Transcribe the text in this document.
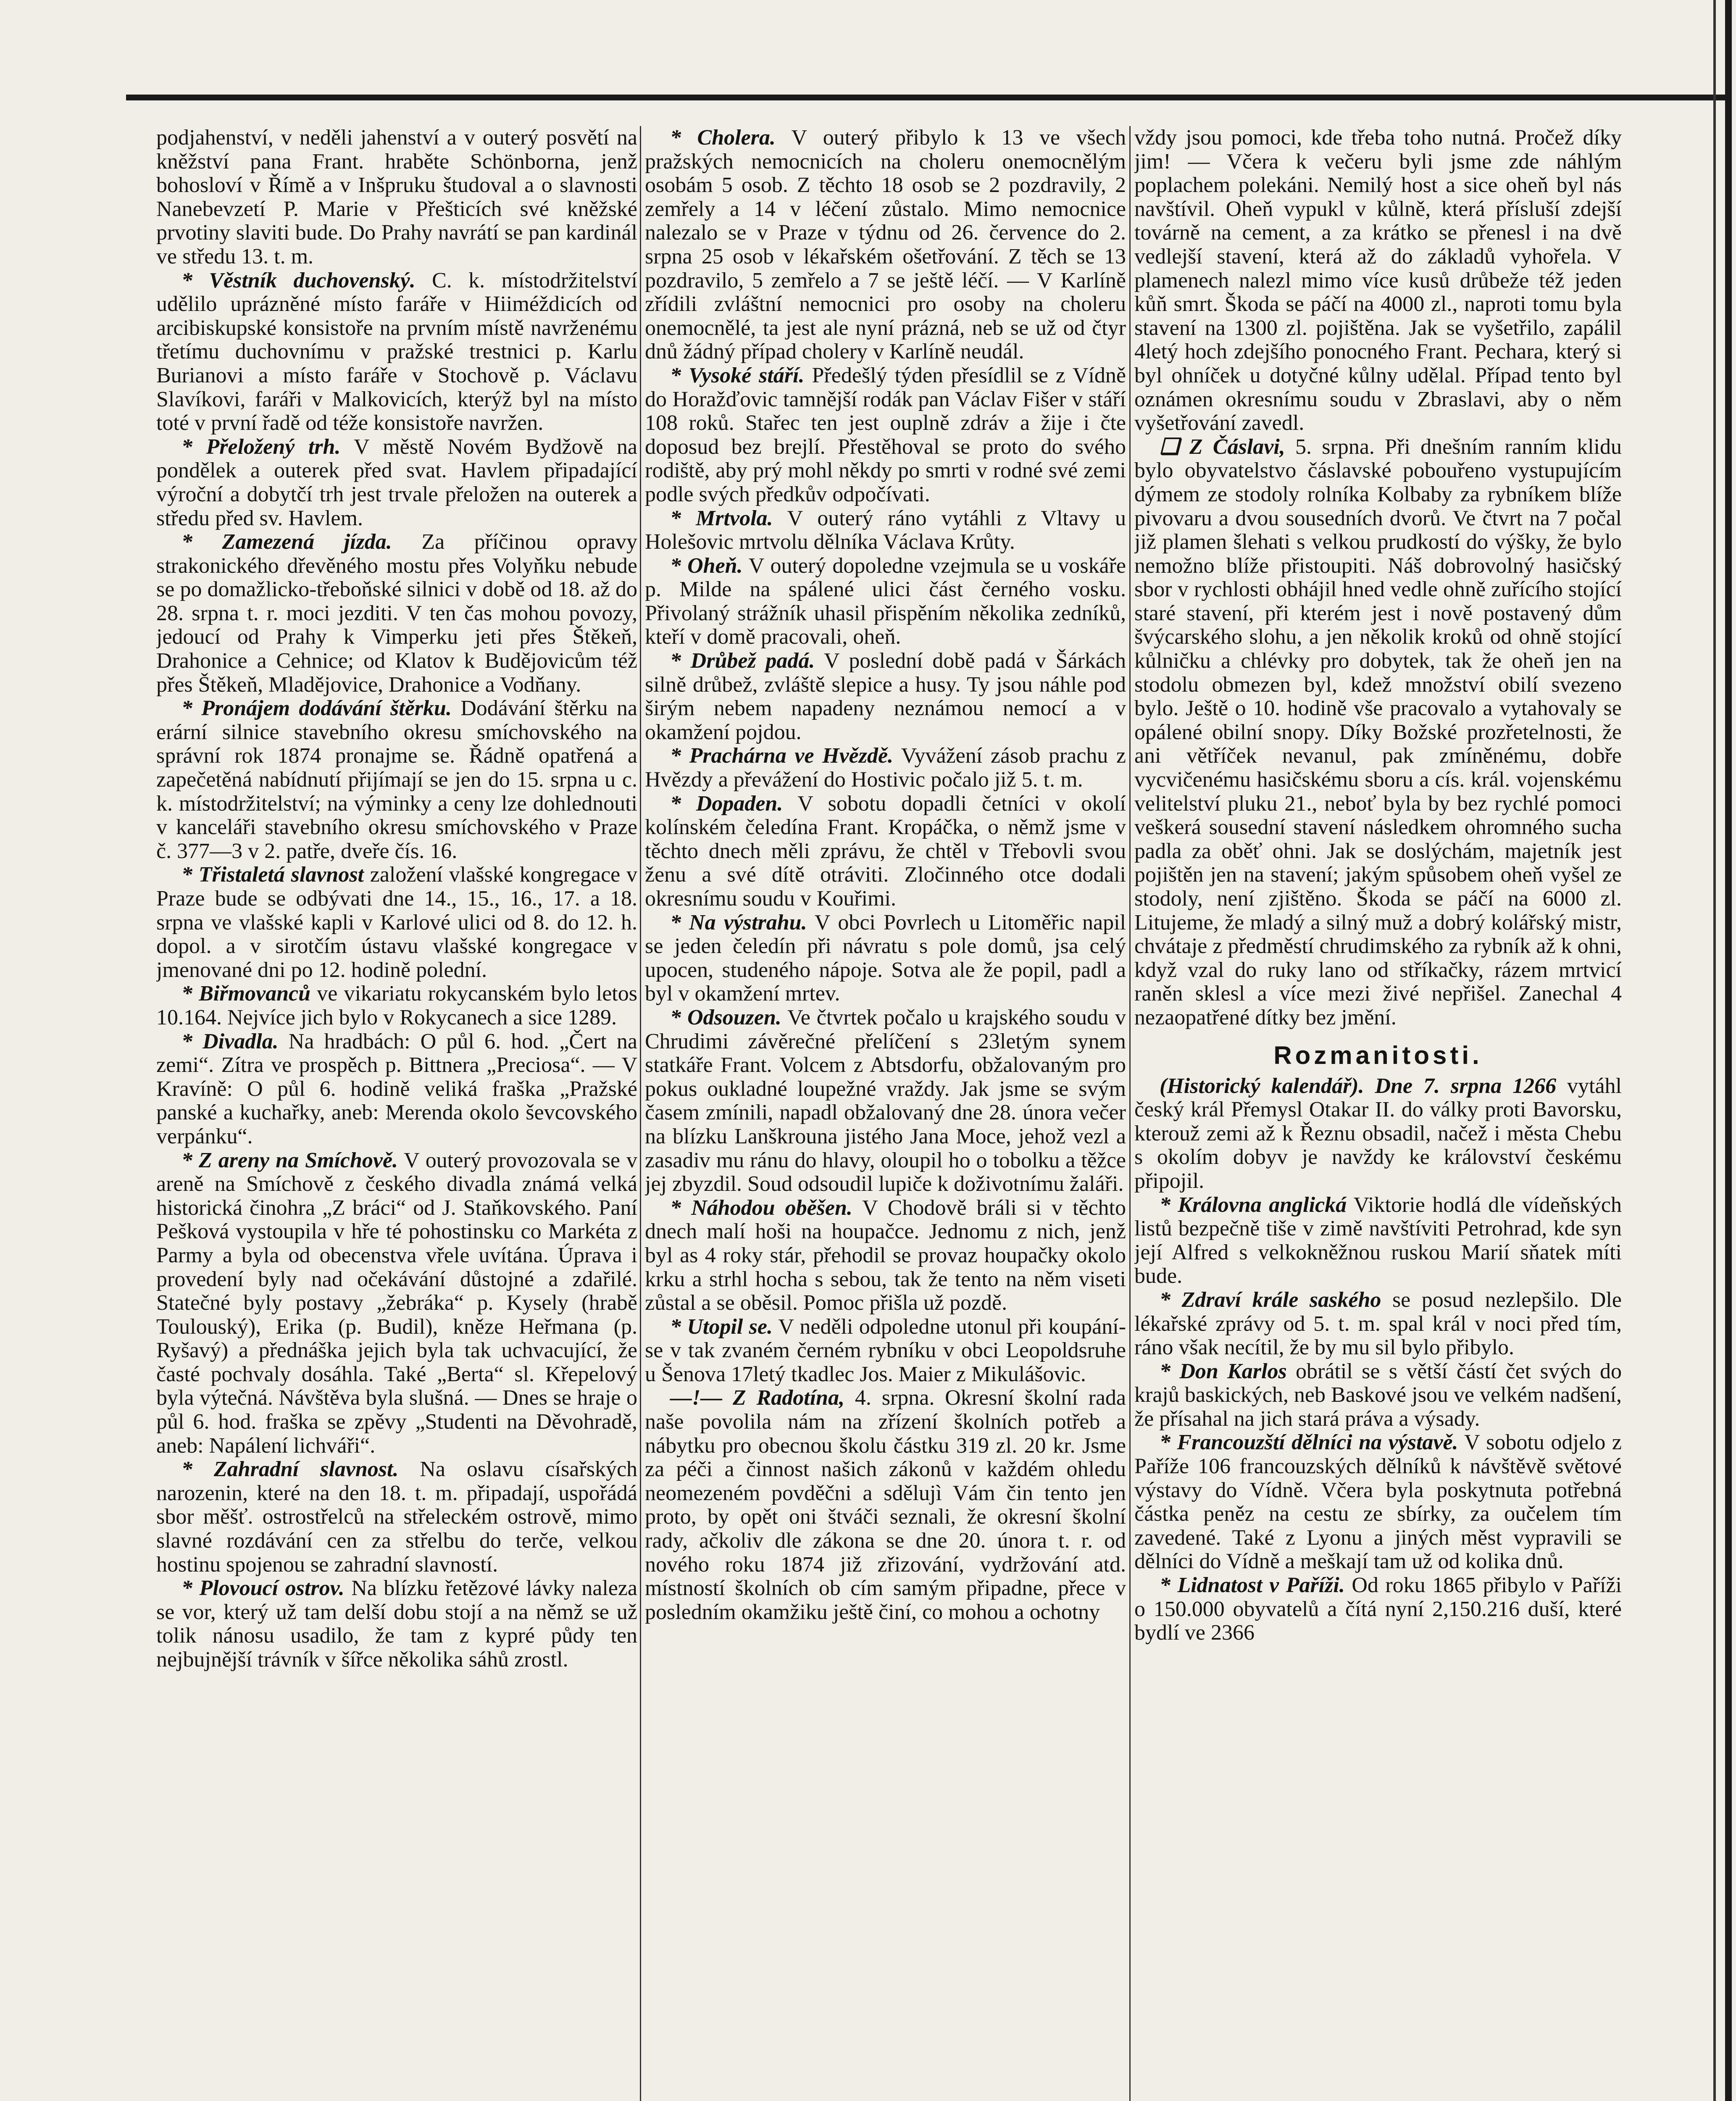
podjahenství, v neděli jahenství a v outerý posvětí na kněžství pana Frant. hraběte Schönborna, jenž bohosloví v Římě a v Inšpruku študoval a o slavnosti Nanebevzetí P. Marie v Přešticích své kněžské prvotiny slaviti bude. Do Prahy navrátí se pan kardinál ve středu 13. t. m.

* Věstník duchovenský. C. k. místodržitelství udělilo uprázněné místo faráře v Hiiméždicích od arcibiskupské konsistoře na prvním místě navrženému třetímu duchovnímu v pražské trestnici p. Karlu Burianovi a místo faráře v Stochově p. Václavu Slavíkovi, faráři v Malkovicích, kterýž byl na místo toté v první řadě od téže konsistoře navržen.

* Přeložený trh. V městě Novém Bydžově na pondělek a outerek před svat. Havlem připadající výroční a dobytčí trh jest trvale přeložen na outerek a středu před sv. Havlem.

* Zamezená jízda. Za příčinou opravy strakonického dřevěného mostu přes Volyňku nebude se po domažlicko-třeboňské silnici v době od 18. až do 28. srpna t. r. moci jezditi. V ten čas mohou povozy, jedoucí od Prahy k Vimperku jeti přes Štěkeň, Drahonice a Cehnice; od Klatov k Budějovicům též přes Štěkeň, Mladějovice, Drahonice a Vodňany.

* Pronájem dodávání štěrku. Dodávání štěrku na erární silnice stavebního okresu smíchovského na správní rok 1874 pronajme se. Řádně opatřená a zapečetěná nabídnutí přijímají se jen do 15. srpna u c. k. místodržitelství; na výminky a ceny lze dohlednouti v kanceláři stavebního okresu smíchovského v Praze č. 377—3 v 2. patře, dveře čís. 16.

* Třistaletá slavnost založení vlašské kongregace v Praze bude se odbývati dne 14., 15., 16., 17. a 18. srpna ve vlašské kapli v Karlové ulici od 8. do 12. h. dopol. a v sirotčím ústavu vlašské kongregace v jmenované dni po 12. hodině polední.

* Biřmovanců ve vikariatu rokycanském bylo letos 10.164. Nejvíce jich bylo v Rokycanech a sice 1289.

* Divadla. Na hradbách: O půl 6. hod. „Čert na zemi“. Zítra ve prospěch p. Bittnera „Preciosa“. — V Kravíně: O půl 6. hodině veliká fraška „Pražské panské a kuchařky, aneb: Merenda okolo ševcovského verpánku“.

* Z areny na Smíchově. V outerý provozovala se v areně na Smíchově z českého divadla známá velká historická činohra „Z bráci“ od J. Staňkovského. Paní Pešková vystoupila v hře té pohostinsku co Markéta z Parmy a byla od obecenstva vřele uvítána. Úprava i provedení byly nad očekávání důstojné a zdařilé. Statečné byly postavy „žebráka“ p. Kysely (hrabě Toulouský), Erika (p. Budil), kněze Heřmana (p. Ryšavý) a přednáška jejich byla tak uchvacující, že časté pochvaly dosáhla. Také „Berta“ sl. Křepelový byla výtečná. Návštěva byla slušná. — Dnes se hraje o půl 6. hod. fraška se zpěvy „Studenti na Děvohradě, aneb: Napálení lichváři“.

* Zahradní slavnost. Na oslavu císařských narozenin, které na den 18. t. m. připadají, uspořádá sbor měšť. ostrostřelců na střeleckém ostrově, mimo slavné rozdávání cen za střelbu do terče, velkou hostinu spojenou se zahradní slavností.

* Plovoucí ostrov. Na blízku řetězové lávky naleza se vor, který už tam delší dobu stojí a na němž se už tolik nánosu usadilo, že tam z kypré půdy ten nejbujnější trávník v šířce několika sáhů zrostl.

* Cholera. V outerý přibylo k 13 ve všech pražských nemocnicích na choleru onemocnělým osobám 5 osob. Z těchto 18 osob se 2 pozdravily, 2 zemřely a 14 v léčení zůstalo. Mimo nemocnice nalezalo se v Praze v týdnu od 26. července do 2. srpna 25 osob v lékařském ošetřování. Z těch se 13 pozdravilo, 5 zemřelo a 7 se ještě léčí. — V Karlíně zřídili zvláštní nemocnici pro osoby na choleru onemocnělé, ta jest ale nyní prázná, neb se už od čtyr dnů žádný případ cholery v Karlíně neudál.

* Vysoké stáří. Předešlý týden přesídlil se z Vídně do Horažďovic tamnější rodák pan Václav Fišer v stáří 108 roků. Stařec ten jest ouplně zdráv a žije i čte doposud bez brejlí. Přestěhoval se proto do svého rodiště, aby prý mohl někdy po smrti v rodné své zemi podle svých předkův odpočívati.

* Mrtvola. V outerý ráno vytáhli z Vltavy u Holešovic mrtvolu dělníka Václava Krůty.

* Oheň. V outerý dopoledne vzejmula se u voskáře p. Milde na spálené ulici část černého vosku. Přivolaný strážník uhasil přispěním několika zedníků, kteří v domě pracovali, oheň.

* Drůbež padá. V poslední době padá v Šárkách silně drůbež, zvláště slepice a husy. Ty jsou náhle pod širým nebem napadeny neznámou nemocí a v okamžení pojdou.

* Prachárna ve Hvězdě. Vyvážení zásob prachu z Hvězdy a převážení do Hostivic počalo již 5. t. m.

* Dopaden. V sobotu dopadli četníci v okolí kolínském čeledína Frant. Kropáčka, o němž jsme v těchto dnech měli zprávu, že chtěl v Třebovli svou ženu a své dítě otráviti. Zločinného otce dodali okresnímu soudu v Kouřimi.

* Na výstrahu. V obci Povrlech u Litoměřic napil se jeden čeledín při návratu s pole domů, jsa celý upocen, studeného nápoje. Sotva ale že popil, padl a byl v okamžení mrtev.

* Odsouzen. Ve čtvrtek počalo u krajského soudu v Chrudimi závěrečné přelíčení s 23letým synem statkáře Frant. Volcem z Abtsdorfu, obžalovaným pro pokus oukladné loupežné vraždy. Jak jsme se svým časem zmínili, napadl obžalovaný dne 28. února večer na blízku Lanškrouna jistého Jana Moce, jehož vezl a zasadiv mu ránu do hlavy, oloupil ho o tobolku a těžce jej zbyzdil. Soud odsoudil lupiče k doživotnímu žaláři.

* Náhodou oběšen. V Chodově bráli si v těchto dnech malí hoši na houpačce. Jednomu z nich, jenž byl as 4 roky stár, přehodil se provaz houpačky okolo krku a strhl hocha s sebou, tak že tento na něm viseti zůstal a se oběsil. Pomoc přišla už pozdě.

* Utopil se. V neděli odpoledne utonul při koupání-se v tak zvaném černém rybníku v obci Leopoldsruhe u Šenova 17letý tkadlec Jos. Maier z Mikulášovic.

—!— Z Radotína, 4. srpna. Okresní školní rada naše povolila nám na zřízení školních potřeb a nábytku pro obecnou školu částku 319 zl. 20 kr. Jsme za péči a činnost našich zákonů v každém ohledu neomezeném povděčni a sdělujì Vám čin tento jen proto, by opět oni štváči seznali, že okresní školní rady, ačkoliv dle zákona se dne 20. února t. r. od nového roku 1874 již zřizování, vydržování atd. místností školních ob cím samým připadne, přece v posledním okamžiku ještě činí, co mohou a ochotny

vždy jsou pomoci, kde třeba toho nutná. Pročež díky jim! — Včera k večeru byli jsme zde náhlým poplachem polekáni. Nemilý host a sice oheň byl nás navštívil. Oheň vypukl v kůlně, která přísluší zdejší továrně na cement, a za krátko se přenesl i na dvě vedlejší stavení, která až do základů vyhořela. V plamenech nalezl mimo více kusů drůbeže též jeden kůň smrt. Škoda se páčí na 4000 zl., naproti tomu byla stavení na 1300 zl. pojištěna. Jak se vyšetřilo, zapálil 4letý hoch zdejšího ponocného Frant. Pechara, který si byl ohníček u dotyčné kůlny udělal. Případ tento byl oznámen okresnímu soudu v Zbraslavi, aby o něm vyšetřování zavedl.

❑ Z Čáslavi, 5. srpna. Při dnešním ranním klidu bylo obyvatelstvo čáslavské pobouřeno vystupujícím dýmem ze stodoly rolníka Kolbaby za rybníkem blíže pivovaru a dvou sousedních dvorů. Ve čtvrt na 7 počal již plamen šlehati s velkou prudkostí do výšky, že bylo nemožno blíže přistoupiti. Náš dobrovolný hasičský sbor v rychlosti obhájil hned vedle ohně zuřícího stojící staré stavení, při kterém jest i nově postavený dům švýcarského slohu, a jen několik kroků od ohně stojící kůlničku a chlévky pro dobytek, tak že oheň jen na stodolu obmezen byl, kdež množství obilí svezeno bylo. Ještě o 10. hodině vše pracovalo a vytahovaly se opálené obilní snopy. Díky Božské prozřetelnosti, že ani větříček nevanul, pak zmíněnému, dobře vycvičenému hasičskému sboru a cís. král. vojenskému velitelství pluku 21., neboť byla by bez rychlé pomoci veškerá sousední stavení následkem ohromného sucha padla za oběť ohni. Jak se doslýchám, majetník jest pojištěn jen na stavení; jakým spůsobem oheň vyšel ze stodoly, není zjištěno. Škoda se páčí na 6000 zl. Litujeme, že mladý a silný muž a dobrý kolářský mistr, chvátaje z předměstí chrudimského za rybník až k ohni, když vzal do ruky lano od stříkačky, rázem mrtvicí raněn sklesl a více mezi živé nepřišel. Zanechal 4 nezaopatřené dítky bez jmění.

Rozmanitosti.

(Historický kalendář). Dne 7. srpna 1266 vytáhl český král Přemysl Otakar II. do války proti Bavorsku, kterouž zemi až k Řeznu obsadil, načež i města Chebu s okolím dobyv je navždy ke království českému připojil.

* Královna anglická Viktorie hodlá dle vídeňských listů bezpečně tiše v zimě navštíviti Petrohrad, kde syn její Alfred s velkokněžnou ruskou Marií sňatek míti bude.

* Zdraví krále saského se posud nezlepšilo. Dle lékařské zprávy od 5. t. m. spal král v noci před tím, ráno však necítil, že by mu sil bylo přibylo.

* Don Karlos obrátil se s větší částí čet svých do krajů baskických, neb Baskové jsou ve velkém nadšení, že přísahal na jich stará práva a výsady.

* Francouzští dělníci na výstavě. V sobotu odjelo z Paříže 106 francouzských dělníků k návštěvě světové výstavy do Vídně. Včera byla poskytnuta potřebná částka peněz na cestu ze sbírky, za oučelem tím zavedené. Také z Lyonu a jiných měst vypravili se dělníci do Vídně a meškají tam už od kolika dnů.

* Lidnatost v Paříži. Od roku 1865 přibylo v Paříži o 150.000 obyvatelů a čítá nyní 2,150.216 duší, které bydlí ve 2366
